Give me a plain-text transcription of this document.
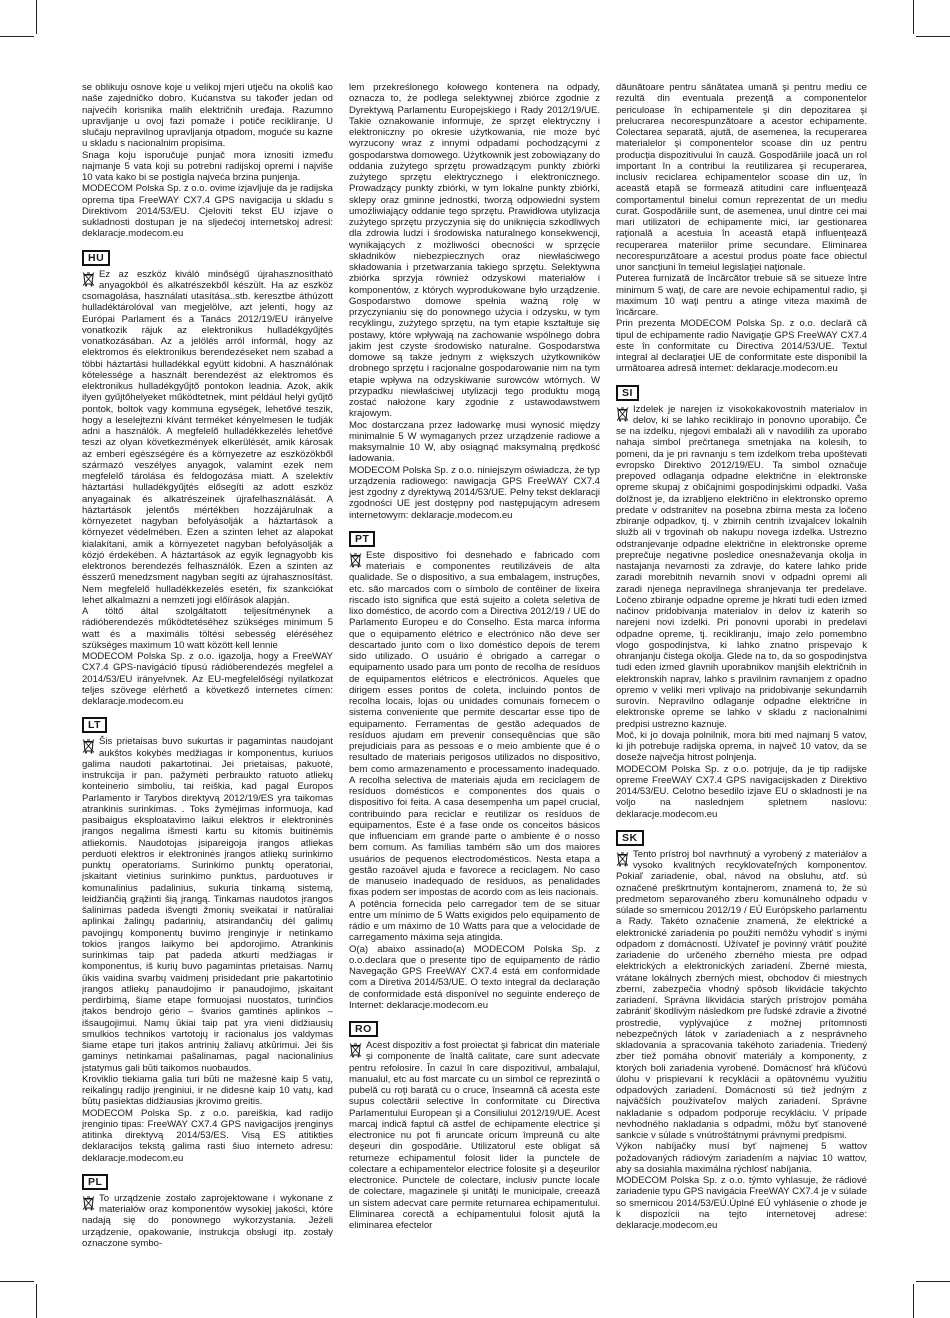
se oblikuju osnove koje u velikoj mjeri utječu na okoliš kao naše zajedničko dobro. Kućanstva su također jedan od najvećih korisnika malih električnih uređaja. Razumno upravljanje u ovoj fazi pomaže i potiče recikliranje. U slučaju nepravilnog upravljanja otpadom, moguće su kazne u skladu s nacionalnim propisima.

Snaga koju isporučuje punjač mora iznositi između najmanje 5 vata koji su potrebni radijskoj opremi i najviše 10 vata kako bi se postigla najveća brzina punjenja.

MODECOM Polska Sp. z o.o. ovime izjavljuje da je radijska oprema tipa FreeWAY CX7.4 GPS navigacija u skladu s Direktivom 2014/53/EU. Cjeloviti tekst EU izjave o sukladnosti dostupan je na sljedećoj internetskoj adresi: deklaracje.modecom.eu

HU

Ez az eszköz kiváló minőségű újrahasznosítható anyagokból és alkatrészekből készült. Ha az eszköz csomagolása, használati utasítása..stb. keresztbe áthúzott hulladéktárolóval van megjelölve, azt jelenti, hogy az Európai Parlament és a Tanács 2012/19/EU irányelve vonatkozik rájuk az elektronikus hulladékgyűjtés vonatkozásában. Az a jelölés arról informál, hogy az elektromos és elektronikus berendezéseket nem szabad a többi háztartási hulladékkal együtt kidobni. A használónak kötelessége a használt berendezést az elektromos és elektronikus hulladékgyűjtő pontokon leadnia. Azok, akik ilyen gyűjtőhelyeket működtetnek, mint például helyi gyűjtő pontok, boltok vagy kommuna egységek, lehetővé teszik, hogy a leselejtezni kívánt terméket kényelmesen le tudják adni a használók. A megfelelő hulladékkezelés lehetővé teszi az olyan következmények elkerülését, amik károsak az emberi egészségére és a környezetre az eszközökből származó veszélyes anyagok, valamint ezek nem megfelelő tárolása és feldogozása miatt. A szelektív háztartási hulladékgyűjtés elősegíti az adott eszköz anyagainak és alkatrészeinek újrafelhasználását. A háztartások jelentős mértékben hozzájárulnak a környezetet nagyban befolyásolják a háztartások a környezet védelmében. Ezen a szinten lehet az alapokat kialakítani, amik a környezetet nagyban befolyásolják a közjó érdekében. A háztartások az egyik legnagyobb kis elektronos berendezés felhasználók. Ezen a szinten az ésszerű menedzsment nagyban segíti az újrahasznosítást. Nem megfelelő hulladékkezelés esetén, fix szankciókat lehet alkalmazni a nemzeti jogi előírások alapján.

A töltő által szolgáltatott teljesítménynek a rádióberendezés működtetéséhez szükséges minimum 5 watt és a maximális töltési sebesség eléréséhez szükséges maximum 10 watt között kell lennie

MODECOM Polska Sp. z o.o. igazolja, hogy a FreeWAY CX7.4 GPS-navigáció típusú rádióberendezés megfelel a 2014/53/EU irányelvnek. Az EU-megfelelőségi nyilatkozat teljes szövege elérhető a következő internetes címen: deklaracje.modecom.eu

LT

Šis prietaisas buvo sukurtas ir pagamintas naudojant aukštos kokybės medžiagas ir komponentus, kuriuos galima naudoti pakartotinai. Jei prietaisas, pakuotė, instrukcija ir pan. pažymėti perbraukto ratuoto atliekų konteinerio simboliu, tai reiškia, kad pagal Europos Parlamento ir Tarybos direktyvą 2012/19/ES yra taikomas atrankinis surinkimas. . Toks žymėjimas informuoja, kad pasibaigus eksploatavimo laikui elektros ir elektroninės įrangos negalima išmesti kartu su kitomis buitinėmis atliekomis. Naudotojas įsipareigoja įrangos atliekas perduoti elektros ir elektroninės įrangos atliekų surinkimo punktų operatoriams. Surinkimo punktų operatoriai, įskaitant vietinius surinkimo punktus, parduotuves ir komunalinius padalinius, sukuria tinkamą sistemą, leidžiančią grąžinti šią įrangą. Tinkamas naudotos įrangos šalinimas padeda išvengti žmonių sveikatai ir natūraliai aplinkai žalingų padarinių, atsirandančių dėl galimų pavojingų komponentų buvimo įrenginyje ir netinkamo tokios įrangos laikymo bei apdorojimo. Atrankinis surinkimas taip pat padeda atkurti medžiagas ir komponentus, iš kurių buvo pagamintas prietaisas. Namų ūkis vaidina svarbų vaidmenį prisidedant prie pakartotinio įrangos atliekų panaudojimo ir panaudojimo, įskaitant perdirbimą, šiame etape formuojasi nuostatos, turinčios įtakos bendrojo gėrio – švarios gamtinės aplinkos – išsaugojimui. Namų ūkiai taip pat yra vieni didžiausių smulkios technikos vartotojų ir racionalus jos valdymas šiame etape turi įtakos antrinių žaliavų atkūrimui. Jei šis gaminys netinkamai pašalinamas, pagal nacionalinius įstatymus gali būti taikomos nuobaudos.

Kroviklio tiekiama galia turi būti ne mažesnė kaip 5 vatų, reikalingų radijo įrenginiui, ir ne didesnė kaip 10 vatų, kad būtų pasiektas didžiausias įkrovimo greitis.

MODECOM Polska Sp. z o.o. pareiškia, kad radijo įrenginio tipas: FreeWAY CX7.4 GPS navigacijos įrenginys atitinka direktyvą 2014/53/ES. Visą ES atitikties deklaracijos tekstą galima rasti šiuo interneto adresu: deklaracje.modecom.eu

PL

To urządzenie zostało zaprojektowane i wykonane z materiałów oraz komponentów wysokiej jakości, które nadają się do ponownego wykorzystania. Jeżeli urządzenie, opakowanie, instrukcja obsługi itp. zostały oznaczone symbo-

lem przekreślonego kołowego kontenera na odpady, oznacza to, że podlega selektywnej zbiórce zgodnie z Dyrektywą Parlamentu Europejskiego i Rady 2012/19/UE. Takie oznakowanie informuje, że sprzęt elektryczny i elektroniczny po okresie użytkowania, nie może być wyrzucony wraz z innymi odpadami pochodzącymi z gospodarstwa domowego. Użytkownik jest zobowiązany do oddania zużytego sprzętu prowadzącym punkty zbiórki zużytego sprzętu elektrycznego i elektronicznego. Prowadzący punkty zbiórki, w tym lokalne punkty zbiórki, sklepy oraz gminne jednostki, tworzą odpowiedni system umożliwiający oddanie tego sprzętu. Prawidłowa utylizacja zużytego sprzętu przyczynia się do uniknięcia szkodliwych dla zdrowia ludzi i środowiska naturalnego konsekwencji, wynikających z możliwości obecności w sprzęcie składników niebezpiecznych oraz niewłaściwego składowania i przetwarzania takiego sprzętu. Selektywna zbiórka sprzyja również odzyskowi materiałów i komponentów, z których wyprodukowane było urządzenie. Gospodarstwo domowe spełnia ważną rolę w przyczynianiu się do ponownego użycia i odzysku, w tym recyklingu, zużytego sprzętu, na tym etapie kształtuje się postawy, które wpływają na zachowanie wspólnego dobra jakim jest czyste środowisko naturalne. Gospodarstwa domowe są także jednym z większych użytkowników drobnego sprzętu i racjonalne gospodarowanie nim na tym etapie wpływa na odzyskiwanie surowców wtórnych. W przypadku niewłaściwej utylizacji tego produktu mogą zostać nałożone kary zgodnie z ustawodawstwem krajowym.

Moc dostarczana przez ładowarkę musi wynosić między minimalnie 5 W wymaganych przez urządzenie radiowe a maksymalnie 10 W, aby osiągnąć maksymalną prędkość ładowania.

MODECOM Polska Sp. z o.o. niniejszym oświadcza, że typ urządzenia radiowego: nawigacja GPS FreeWAY CX7.4 jest zgodny z dyrektywą 2014/53/UE. Pełny tekst deklaracji zgodności UE jest dostępny pod następującym adresem internetowym: deklaracje.modecom.eu

PT

Este dispositivo foi desnehado e fabricado com materiais e componentes reutilizáveis de alta qualidade. Se o dispositivo, a sua embalagem, instruções, etc. são marcados com o símbolo de contêiner de lixeira riscado isto significa que está sujeito a coleta seletiva de lixo doméstico, de acordo com a Directiva 2012/19 / UE do Parlamento Europeu e do Conselho. Esta marca informa que o equipamento elétrico e electrónico não deve ser descartado junto com o lixo doméstico depois de terem sido utilizado. O usuário é obrigado a carregar o equipamento usado para um ponto de recolha de resíduos de equipamentos elétricos e electrónicos. Aqueles que dirigem esses pontos de coleta, incluindo pontos de recolha locais, lojas ou unidades comunais fornecem o sistema conveniente que permite descartar esse tipo de equipamento. Ferramentas de gestão adequados de resíduos ajudam em prevenir consequências que são prejudiciais para as pessoas e o meio ambiente que é o resultado de materiais perigosos utilizados no dispositivo, bem como armazenamento e processamento inadequado. A recolha selectiva de materiais ajuda em reciclagem de resíduos domésticos e componentes dos quais o dispositivo foi feita. A casa desempenha um papel crucial, contribuindo para reciclar e reutilizar os resíduos de equipamentos. Este é a fase onde os conceitos básicos que influenciam em grande parte o ambiente é o nosso bem comum. As famílias também são um dos maiores usuários de pequenos electrodomésticos. Nesta etapa a gestão razoável ajuda e favorece a reciclagem. No caso de manuseio inadequado de resíduos, as penalidades fixas podem ser impostas de acordo com as leis nacionais.

A potência fornecida pelo carregador tem de se situar entre um mínimo de 5 Watts exigidos pelo equipamento de rádio e um máximo de 10 Watts para que a velocidade de carregamento máxima seja atingida.

O(a) abaixo assinado(a) MODECOM Polska Sp. z o.o.declara que o presente tipo de equipamento de rádio Navegação GPS FreeWAY CX7.4 está em conformidade com a Diretiva 2014/53/UE. O texto integral da declaração de conformidade está disponível no seguinte endereço de Internet: deklaracje.modecom.eu

RO

Acest dispozitiv a fost proiectat şi fabricat din materiale şi componente de înaltă calitate, care sunt adecvate pentru refolosire. În cazul în care dispozitivul, ambalajul, manualul, etc au fost marcate cu un simbol ce reprezintă o pubelă cu roţi barată cu o cruce, înseamnă că acesta este supus colectării selective în conformitate cu Directiva Parlamentului European şi a Consiliului 2012/19/UE. Acest marcaj indică faptul că astfel de echipamente electrice şi electronice nu pot fi aruncate oricum împreună cu alte deşeuri din gospodărie. Utilizatorul este obligat să returneze echipamentul folosit lider la punctele de colectare a echipamentelor electrice folosite şi a deşeurilor electronice. Punctele de colectare, inclusiv puncte locale de colectare, magazinele şi unităţi le municipale, creează un sistem adecvat care permite returnarea echipamentului. Eliminarea corectă a echipamentului folosit ajută la eliminarea efectelor

dăunătoare pentru sănătatea umană şi pentru mediu ce rezultă din eventuala prezenţă a componentelor periculoase în echipamentele şi din depozitarea şi prelucrarea necorespunzătoare a acestor echipamente. Colectarea separată, ajută, de asemenea, la recuperarea materialelor şi componentelor scoase din uz pentru producţia dispozitivului în cauză. Gospodăriile joacă un rol important în a contribui la reutilizarea şi recuperarea, inclusiv reciclarea echipamentelor scoase din uz, în această etapă se formează atitudini care influenţează comportamentul binelui comun reprezentat de un mediu curat. Gospodăriile sunt, de asemenea, unul dintre cei mai mari utilizatori de echipamente mici, iar gestionarea raţională a acestuia în această etapă influenţează recuperarea materiilor prime secundare. Eliminarea necorespunzătoare a acestui produs poate face obiectul unor sancţiuni în temeiul legislaţiei naţionale.

Puterea furnizată de încărcător trebuie să se situeze între minimum 5 waţi, de care are nevoie echipamentul radio, şi maximum 10 waţi pentru a atinge viteza maximă de încărcare.

Prin prezenta MODECOM Polska Sp. z o.o. declară că tipul de echipamente radio Navigaţie GPS FreeWAY CX7.4 este în conformitate cu Directiva 2014/53/UE. Textul integral al declaraţiei UE de conformitate este disponibil la următoarea adresă internet: deklaracje.modecom.eu

SI

Izdelek je narejen iz visokokakovostnih materialov in delov, ki se lahko reciklirajo in ponovno uporabijo. Če se na izdelku, njegovi embalaži ali v navodilih za uporabo nahaja simbol prečrtanega smetnjaka na kolesih, to pomeni, da je pri ravnanju s tem izdelkom treba upoštevati evropsko Direktivo 2012/19/EU. Ta simbol označuje prepoved odlaganja odpadne električne in elektronske opreme skupaj z običajnimi gospodinjskimi odpadki. Vaša dolžnost je, da izrabljeno električno in elektronsko opremo predate v odstranitev na posebna zbirna mesta za ločeno zbiranje odpadkov, tj. v zbirnih centrih izvajalcev lokalnih služb ali v trgovinah ob nakupu novega izdelka. Ustrezno odstranjevanje odpadne električne in elektronske opreme preprečuje negativne posledice onesnaževanja okolja in nastajanja nevarnosti za zdravje, do katere lahko pride zaradi morebitnih nevarnih snovi v odpadni opremi ali zaradi njenega nepravilnega shranjevanja ter predelave. Ločeno zbiranje odpadne opreme je hkrati tudi eden izmed načinov pridobivanja materialov in delov iz katerih so narejeni novi izdelki. Pri ponovni uporabi in predelavi odpadne opreme, tj. recikliranju, imajo zelo pomembno vlogo gospodinjstva, ki lahko znatno prispevajo k ohranjanju čistega okolja. Glede na to, da so gospodinjstva tudi eden izmed glavnih uporabnikov manjših električnih in elektronskih naprav, lahko s pravilnim ravnanjem z opadno opremo v veliki meri vplivajo na pridobivanje sekundarnih surovin. Nepravilno odlaganje odpadne električne in elektronske opreme se lahko v skladu z nacionalnimi predpisi ustrezno kaznuje.

Moč, ki jo dovaja polnilnik, mora biti med najmanj 5 vatov, ki jih potrebuje radijska oprema, in največ 10 vatov, da se doseže največja hitrost polnjenja.

MODECOM Polska Sp. z o.o. potrjuje, da je tip radijske opreme FreeWAY CX7.4 GPS navigacijskaden z Direktivo 2014/53/EU. Celotno besedilo izjave EU o skladnosti je na voljo na naslednjem spletnem naslovu: deklaracje.modecom.eu

SK

Tento prístroj bol navrhnutý a vyrobený z materiálov a vysoko kvalitných recyklovateľných komponentov. Pokiaľ zariadenie, obal, návod na obsluhu, atď. sú označené preškrtnutým kontajnerom, znamená to, že sú predmetom separovaného zberu komunálneho odpadu v súlade so smernicou 2012/19 / EÚ Európskeho parlamentu a Rady. Takéto označenie znamená, že elektrické a elektronické zariadenia po použití nemôžu vyhodiť s inými odpadom z domácností. Užívateľ je povinný vrátiť použité zariadenie do určeného zberného miesta pre odpad elektrických a elektronických zariadení. Zberné miesta, vrátane lokálnych zberných miest, obchodov či miestnych zberní, zabezpečia vhodný spôsob likvidácie takýchto zariadení. Správna likvidácia starých prístrojov pomáha zabrániť škodlivým následkom pre ľudské zdravie a životné prostredie, vyplývajúce z možnej prítomnosti nebezpečných látok v zariadeniach a z nesprávneho skladovania a spracovania takéhoto zariadenia. Triedený zber tiež pomáha obnoviť materiály a komponenty, z ktorých boli zariadenia vyrobené. Domácnosť hrá kľúčovú úlohu v prispievaní k recyklácii a opätovnému využitiu odpadových zariadení. Domácnosti sú tiež jedným z najväčších používateľov malých zariadení. Správne nakladanie s odpadom podporuje recykláciu. V prípade nevhodného nakladania s odpadmi, môžu byť stanovené sankcie v súlade s vnútroštátnymi právnymi predpismi.

Výkon nabíjačky musí byť najmenej 5 wattov požadovaných rádiovým zariadením a najviac 10 wattov, aby sa dosiahla maximálna rýchlosť nabíjania.

MODECOM Polska Sp. z o.o. týmto vyhlasuje, že rádiové zariadenie typu GPS navigácia FreeWAY CX7.4 je v súlade so smernicou 2014/53/EÚ.Úplné EÚ vyhlásenie o zhode je k dispozícii na tejto internetovej adrese: deklaracje.modecom.eu
